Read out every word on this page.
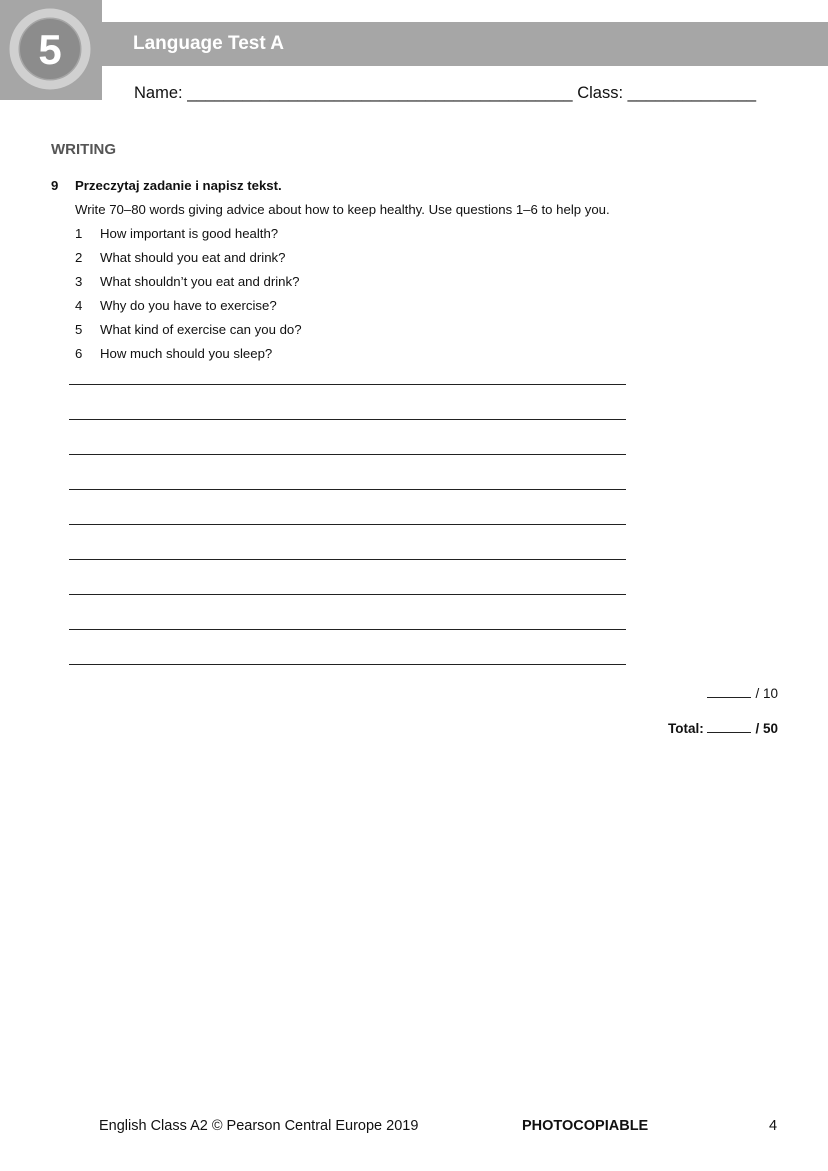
5	Language Test A
Name: __________________________________________ Class: ______________
WRITING
9 Przeczytaj zadanie i napisz tekst.
Write 70–80 words giving advice about how to keep healthy. Use questions 1–6 to help you.
1 How important is good health?
2 What should you eat and drink?
3 What shouldn’t you eat and drink?
4 Why do you have to exercise?
5 What kind of exercise can you do?
6 How much should you sleep?
/ 10
Total:	/ 50
English Class A2 © Pearson Central Europe 2019	PHOTOCOPIABLE	4
